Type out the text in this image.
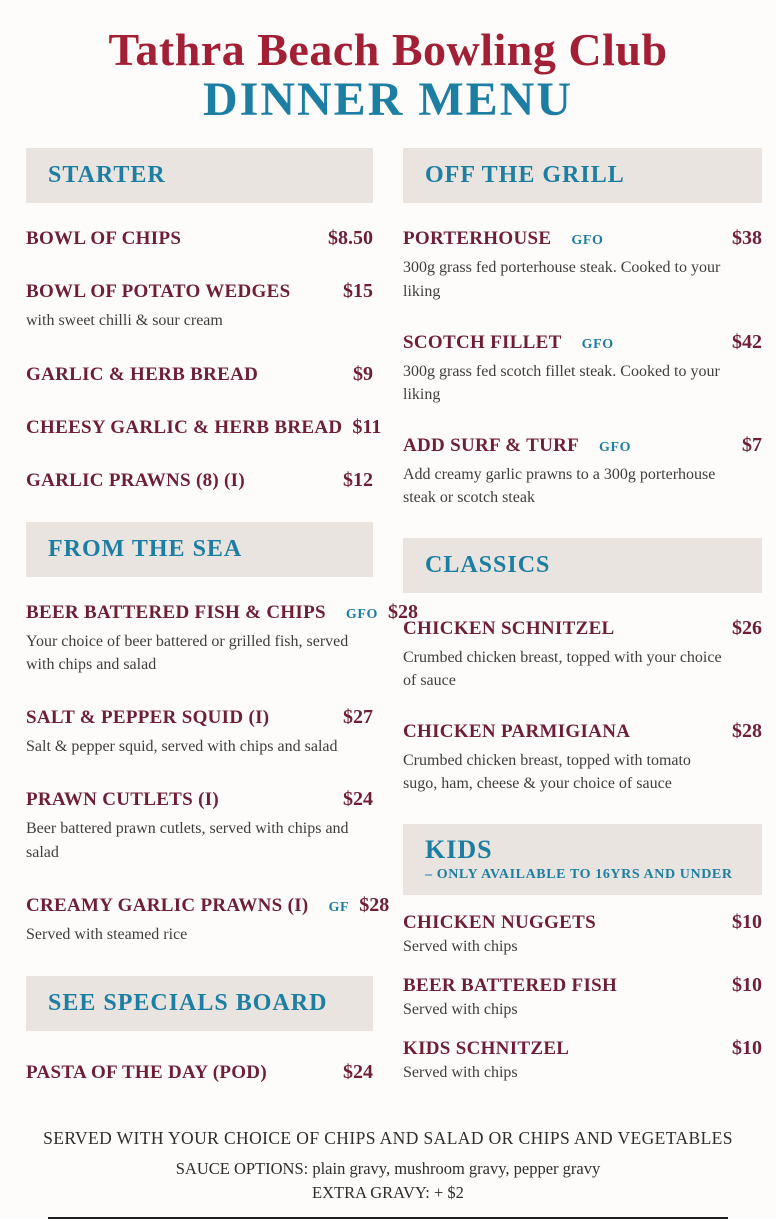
Tathra Beach Bowling Club
DINNER MENU
STARTER
BOWL OF CHIPS	$8.50
BOWL OF POTATO WEDGES	$15
with sweet chilli & sour cream
GARLIC & HERB BREAD	$9
CHEESY GARLIC & HERB BREAD $11
GARLIC PRAWNS (8) (I)	$12
FROM THE SEA
BEER BATTERED FISH & CHIPS GFO $28
Your choice of beer battered or grilled fish, served with chips and salad
SALT & PEPPER SQUID (I)	$27
Salt & pepper squid, served with chips and salad
PRAWN CUTLETS (I)	$24
Beer battered prawn cutlets, served with chips and salad
CREAMY GARLIC PRAWNS (I) GF $28
Served with steamed rice
SEE SPECIALS BOARD
PASTA OF THE DAY (POD)	$24
OFF THE GRILL
PORTERHOUSE GFO	$38
300g grass fed porterhouse steak. Cooked to your liking
SCOTCH FILLET GFO	$42
300g grass fed scotch fillet steak. Cooked to your liking
ADD SURF & TURF GFO	$7
Add creamy garlic prawns to a 300g porterhouse steak or scotch steak
CLASSICS
CHICKEN SCHNITZEL	$26
Crumbed chicken breast, topped with your choice of sauce
CHICKEN PARMIGIANA	$28
Crumbed chicken breast, topped with tomato sugo, ham, cheese & your choice of sauce
KIDS
– ONLY AVAILABLE TO 16YRS AND UNDER
CHICKEN NUGGETS	$10
Served with chips
BEER BATTERED FISH	$10
Served with chips
KIDS SCHNITZEL	$10
Served with chips
SERVED WITH YOUR CHOICE OF CHIPS AND SALAD OR CHIPS AND VEGETABLES
SAUCE OPTIONS: plain gravy, mushroom gravy, pepper gravy
EXTRA GRAVY: + $2
